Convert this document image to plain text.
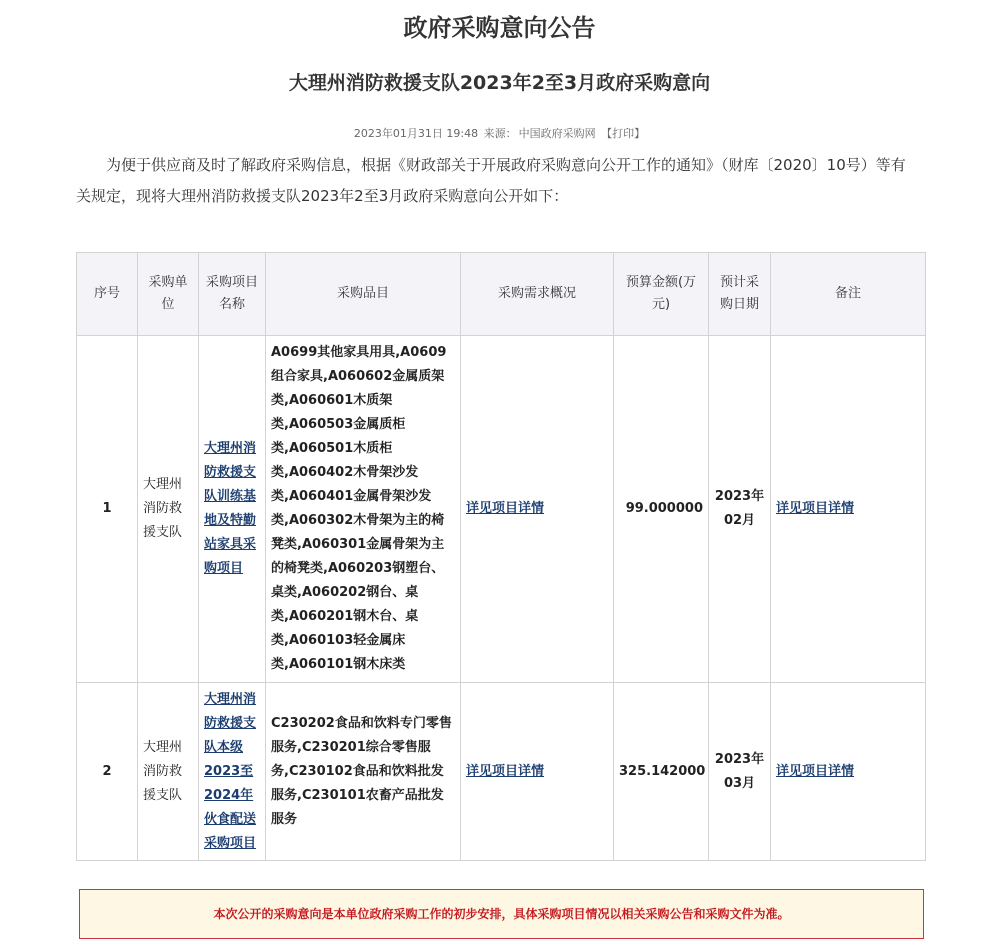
政府采购意向公告
大理州消防救援支队2023年2至3月政府采购意向
2023年01月31日 19:48 来源： 中国政府采购网 【打印】

为便于供应商及时了解政府采购信息，根据《财政部关于开展政府采购意向公开工作的通知》（财库〔2020〕10号）等有关规定，现将大理州消防救援支队2023年2至3月政府采购意向公开如下：

序号	采购单位	采购项目名称	采购品目	采购需求概况	预算金额(万元)	预计采购日期	备注
1	大理州消防救援支队	大理州消防救援支队训练基地及特勤站家具采购项目	A0699其他家具用具,A0609组合家具,A060602金属质架类,A060601木质架类,A060503金属质柜类,A060501木质柜类,A060402木骨架沙发类,A060401金属骨架沙发类,A060302木骨架为主的椅凳类,A060301金属骨架为主的椅凳类,A060203钢塑台、桌类,A060202钢台、桌类,A060201钢木台、桌类,A060103轻金属床类,A060101钢木床类	详见项目详情	99.000000	2023年02月	详见项目详情
2	大理州消防救援支队	大理州消防救援支队本级2023至2024年伙食配送采购项目	C230202食品和饮料专门零售服务,C230201综合零售服务,C230102食品和饮料批发服务,C230101农畜产品批发服务	详见项目详情	325.142000	2023年03月	详见项目详情
本次公开的采购意向是本单位政府采购工作的初步安排，具体采购项目情况以相关采购公告和采购文件为准。
